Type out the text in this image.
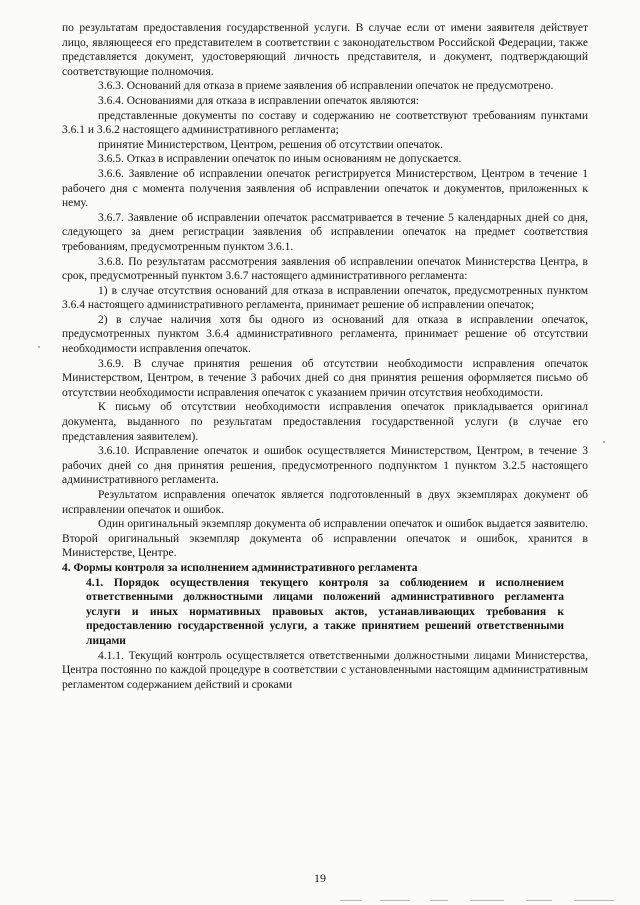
по результатам предоставления государственной услуги. В случае если от имени заявителя действует лицо, являющееся его представителем в соответствии с законодательством Российской Федерации, также представляется документ, удостоверяющий личность представителя, и документ, подтверждающий соответствующие полномочия.

3.6.3. Оснований для отказа в приеме заявления об исправлении опечаток не предусмотрено.

3.6.4. Основаниями для отказа в исправлении опечаток являются:

представленные документы по составу и содержанию не соответствуют требованиям пунктами 3.6.1 и 3.6.2 настоящего административного регламента;

принятие Министерством, Центром, решения об отсутствии опечаток.

3.6.5. Отказ в исправлении опечаток по иным основаниям не допускается.

3.6.6. Заявление об исправлении опечаток регистрируется Министерством, Центром в течение 1 рабочего дня с момента получения заявления об исправлении опечаток и документов, приложенных к нему.

3.6.7. Заявление об исправлении опечаток рассматривается в течение 5 календарных дней со дня, следующего за днем регистрации заявления об исправлении опечаток на предмет соответствия требованиям, предусмотренным пунктом 3.6.1.

3.6.8. По результатам рассмотрения заявления об исправлении опечаток Министерства Центра, в срок, предусмотренный пунктом 3.6.7 настоящего административного регламента:

1) в случае отсутствия оснований для отказа в исправлении опечаток, предусмотренных пунктом 3.6.4 настоящего административного регламента, принимает решение об исправлении опечаток;

2) в случае наличия хотя бы одного из оснований для отказа в исправлении опечаток, предусмотренных пунктом 3.6.4 административного регламента, принимает решение об отсутствии необходимости исправления опечаток.

3.6.9. В случае принятия решения об отсутствии необходимости исправления опечаток Министерством, Центром, в течение 3 рабочих дней со дня принятия решения оформляется письмо об отсутствии необходимости исправления опечаток с указанием причин отсутствия необходимости.

К письму об отсутствии необходимости исправления опечаток прикладывается оригинал документа, выданного по результатам предоставления государственной услуги (в случае его представления заявителем).

3.6.10. Исправление опечаток и ошибок осуществляется Министерством, Центром, в течение 3 рабочих дней со дня принятия решения, предусмотренного подпунктом 1 пунктом 3.2.5 настоящего административного регламента.

Результатом исправления опечаток является подготовленный в двух экземплярах документ об исправлении опечаток и ошибок.

Один оригинальный экземпляр документа об исправлении опечаток и ошибок выдается заявителю. Второй оригинальный экземпляр документа об исправлении опечаток и ошибок, хранится в Министерстве, Центре.

4. Формы контроля за исполнением административного регламента

4.1. Порядок осуществления текущего контроля за соблюдением и исполнением ответственными должностными лицами положений административного регламента услуги и иных нормативных правовых актов, устанавливающих требования к предоставлению государственной услуги, а также принятием решений ответственными лицами

4.1.1. Текущий контроль осуществляется ответственными должностными лицами Министерства, Центра постоянно по каждой процедуре в соответствии с установленными настоящим административным регламентом содержанием действий и сроками

19
